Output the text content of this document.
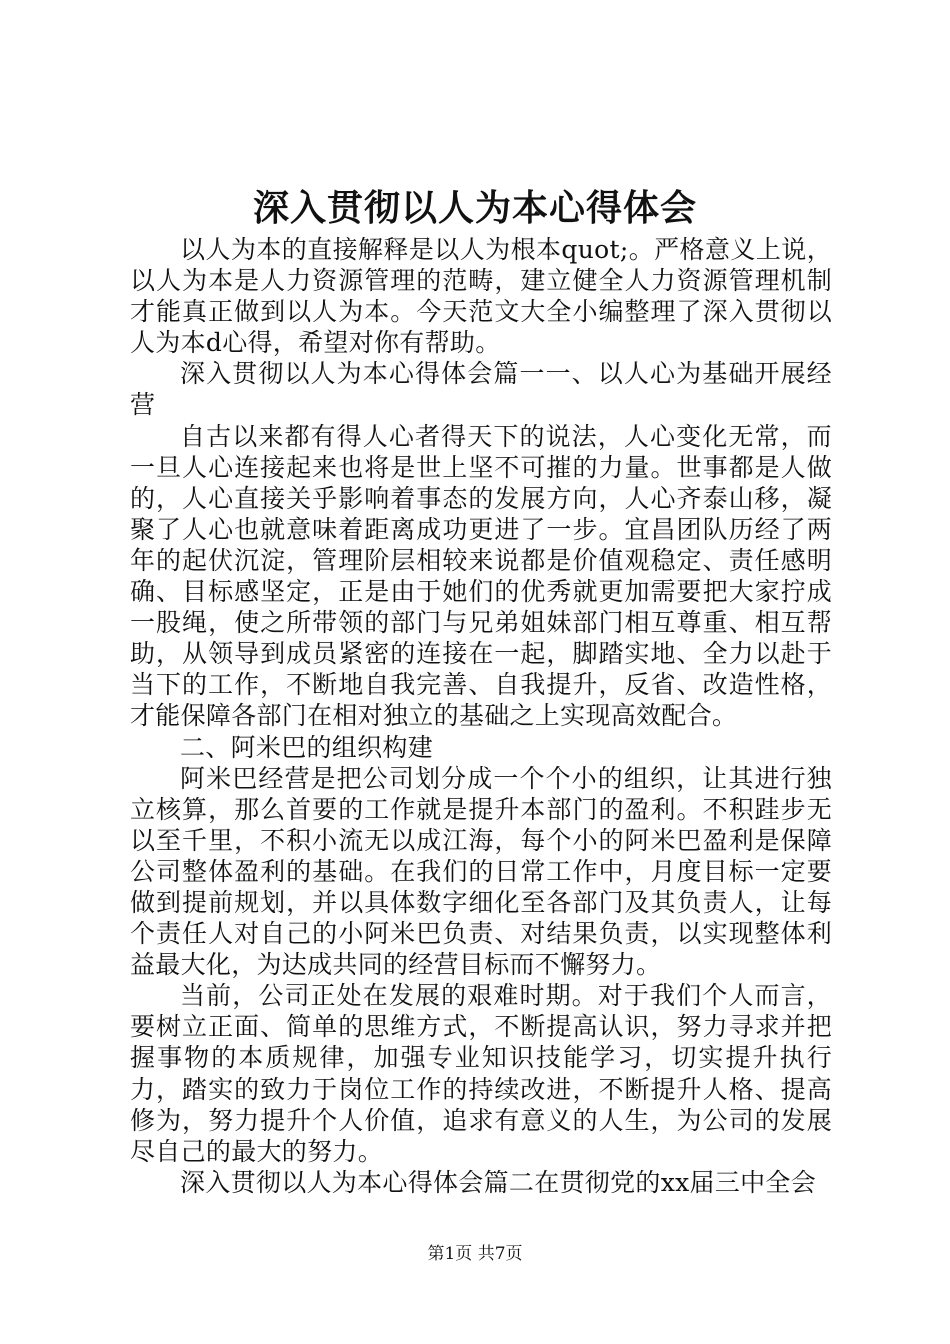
深入贯彻以人为本心得体会

以人为本的直接解释是以人为根本quot;。严格意义上说，以人为本是人力资源管理的范畴，建立健全人力资源管理机制才能真正做到以人为本。今天范文大全小编整理了深入贯彻以人为本d心得，希望对你有帮助。

深入贯彻以人为本心得体会篇一一、以人心为基础开展经营

自古以来都有得人心者得天下的说法，人心变化无常，而一旦人心连接起来也将是世上坚不可摧的力量。世事都是人做的，人心直接关乎影响着事态的发展方向，人心齐泰山移，凝聚了人心也就意味着距离成功更进了一步。宜昌团队历经了两年的起伏沉淀，管理阶层相较来说都是价值观稳定、责任感明确、目标感坚定，正是由于她们的优秀就更加需要把大家拧成一股绳，使之所带领的部门与兄弟姐妹部门相互尊重、相互帮助，从领导到成员紧密的连接在一起，脚踏实地、全力以赴于当下的工作，不断地自我完善、自我提升，反省、改造性格，才能保障各部门在相对独立的基础之上实现高效配合。

二、阿米巴的组织构建

阿米巴经营是把公司划分成一个个小的组织，让其进行独立核算，那么首要的工作就是提升本部门的盈利。不积跬步无以至千里，不积小流无以成江海，每个小的阿米巴盈利是保障公司整体盈利的基础。在我们的日常工作中，月度目标一定要做到提前规划，并以具体数字细化至各部门及其负责人，让每个责任人对自己的小阿米巴负责、对结果负责，以实现整体利益最大化，为达成共同的经营目标而不懈努力。

当前，公司正处在发展的艰难时期。对于我们个人而言，要树立正面、简单的思维方式，不断提高认识，努力寻求并把握事物的本质规律，加强专业知识技能学习，切实提升执行力，踏实的致力于岗位工作的持续改进，不断提升人格、提高修为，努力提升个人价值，追求有意义的人生，为公司的发展尽自己的最大的努力。

深入贯彻以人为本心得体会篇二在贯彻党的xx届三中全会

第1页 共7页
